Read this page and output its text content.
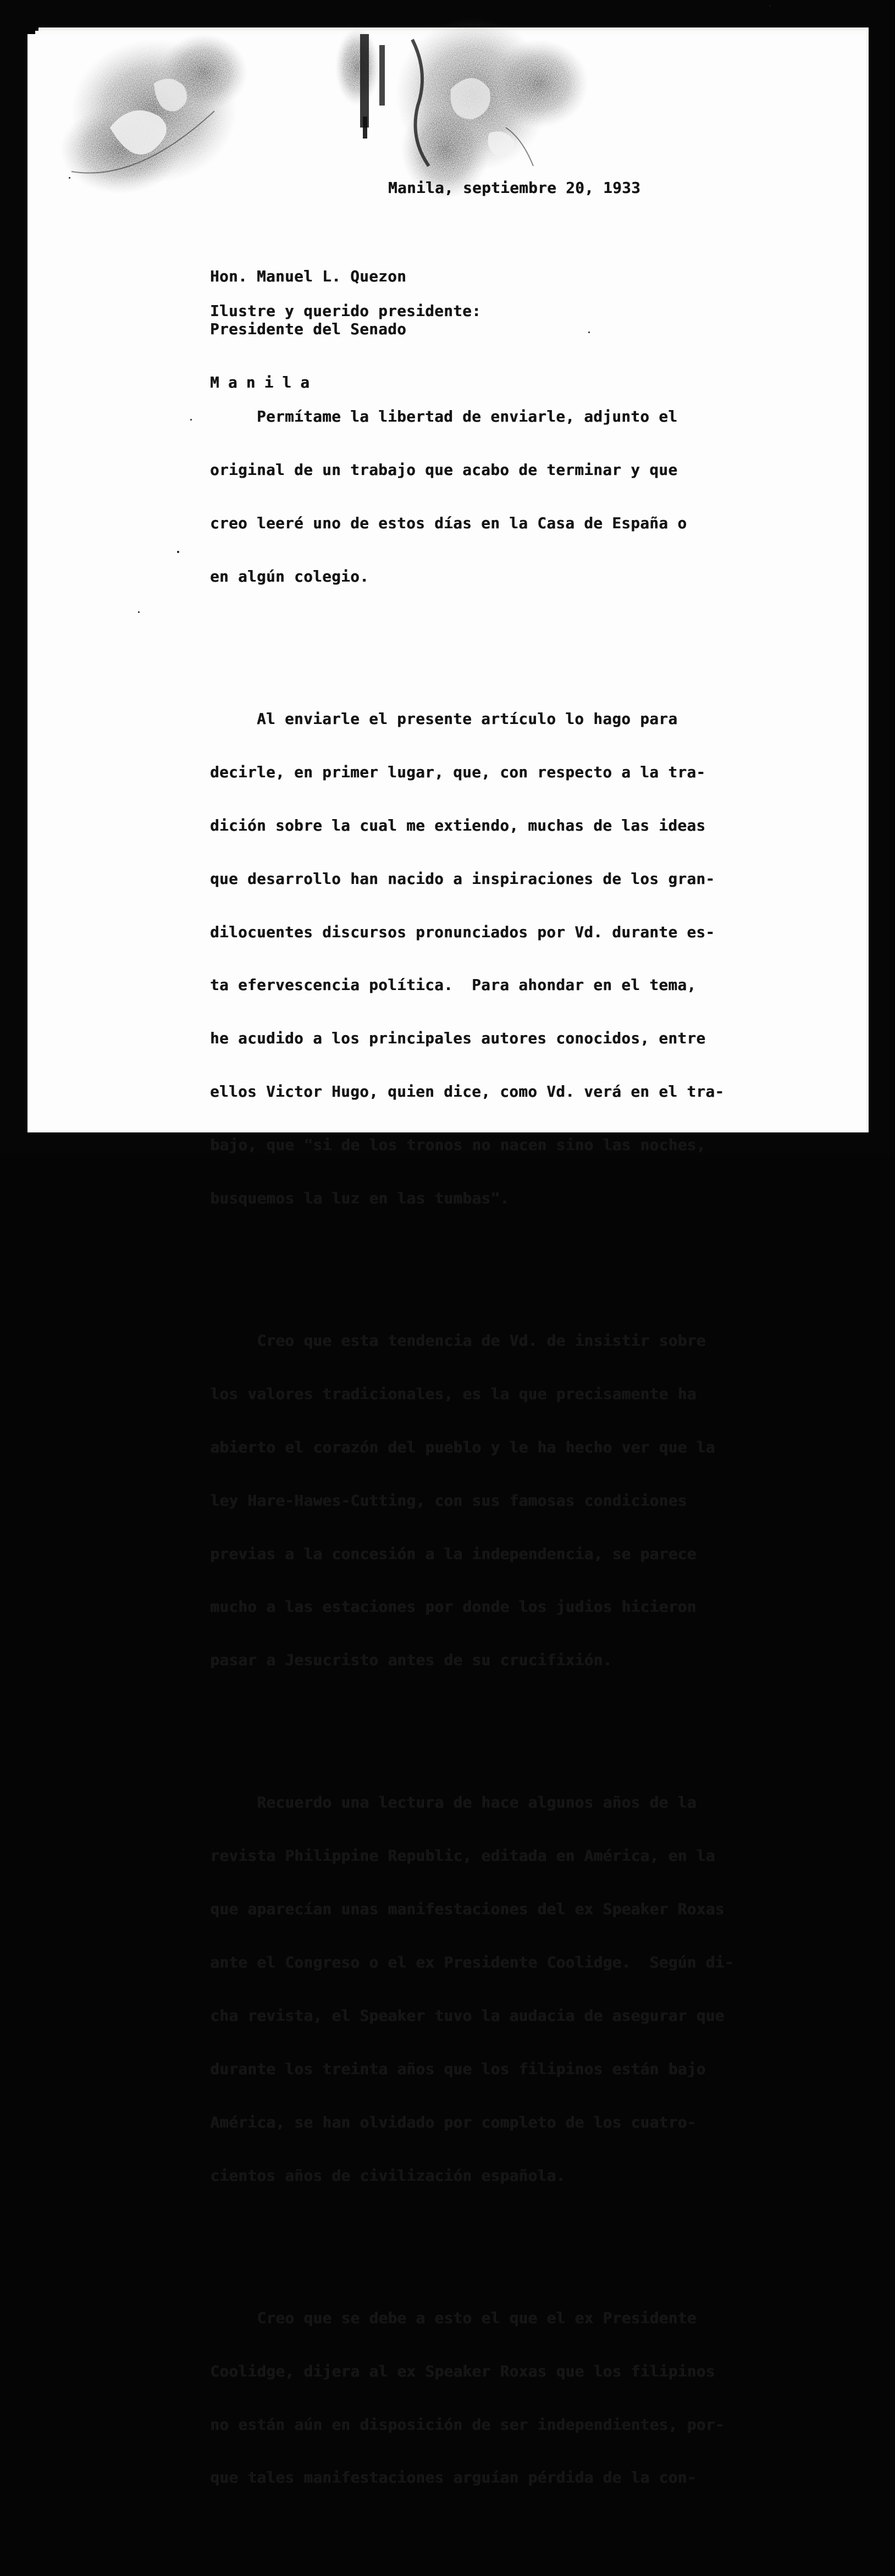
Manila, septiembre 20, 1933

Hon. Manuel L. Quezon

Presidente del Senado

Manila

Ilustre y querido presidente:

Permítame la libertad de enviarle, adjunto el

original de un trabajo que acabo de terminar y que

creo leeré uno de estos días en la Casa de España o

en algún colegio.

Al enviarle el presente artículo lo hago para

decirle, en primer lugar, que, con respecto a la tra-

dición sobre la cual me extiendo, muchas de las ideas

que desarrollo han nacido a inspiraciones de los gran-

dilocuentes discursos pronunciados por Vd. durante es-

ta efervescencia política.  Para ahondar en el tema,

he acudido a los principales autores conocidos, entre

ellos Victor Hugo, quien dice, como Vd. verá en el tra-

bajo, que "si de los tronos no nacen sino las noches,

busquemos la luz en las tumbas".

Creo que esta tendencia de Vd. de insistir sobre

los valores tradicionales, es la que precisamente ha

abierto el corazón del pueblo y le ha hecho ver que la

ley Hare-Hawes-Cutting, con sus famosas condiciones

previas a la concesión a la independencia, se parece

mucho a las estaciones por donde los judios hicieron

pasar a Jesucristo antes de su crucifixión.

Recuerdo una lectura de hace algunos años de la

revista Philippine Republic, editada en América, en la

que aparecían unas manifestaciones del ex Speaker Roxas

ante el Congreso o el ex Presidente Coolidge.  Según di-

cha revista, el Speaker tuvo la audacia de asegurar que

durante los treinta años que los filipinos están bajo

América, se han olvidado por completo de los cuatro-

cientos años de civilización española.

Creo que se debe a esto el que el ex Presidente

Coolidge, dijera al ex Speaker Roxas que los filipinos

no están aún en disposición de ser independientes, por-

que tales manifestaciones arguían pérdida de la con-
